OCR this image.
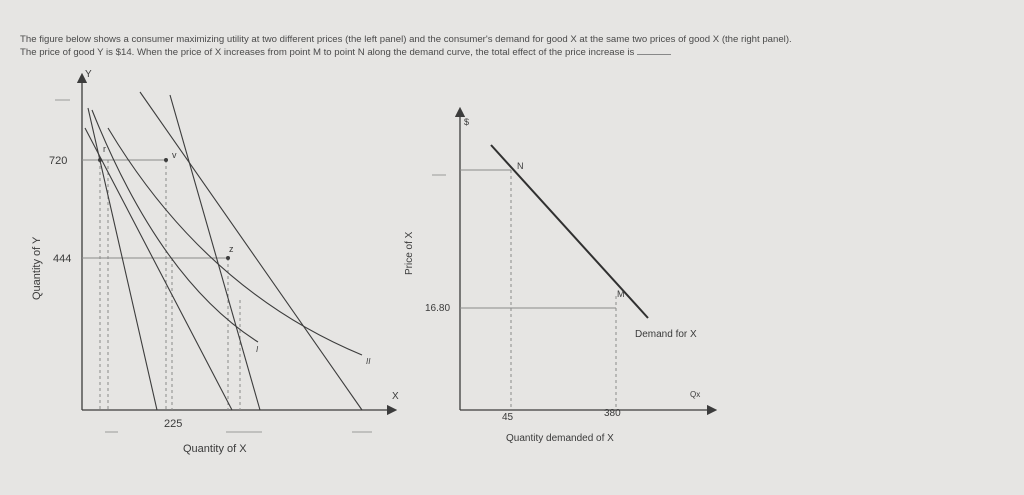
The figure below shows a consumer maximizing utility at two different prices (the left panel) and the consumer's demand for good X at the same two prices of good X (the right panel).
The price of good Y is $14. When the price of X increases from point M to point N along the demand curve, the total effect of the price increase is
Y
X
r
v
z
I
II
720
444
225
Quantity of X
Quantity of Y
$
Qx
N
M
Demand for X
16.80
45	380
Quantity demanded of X
Price of X
